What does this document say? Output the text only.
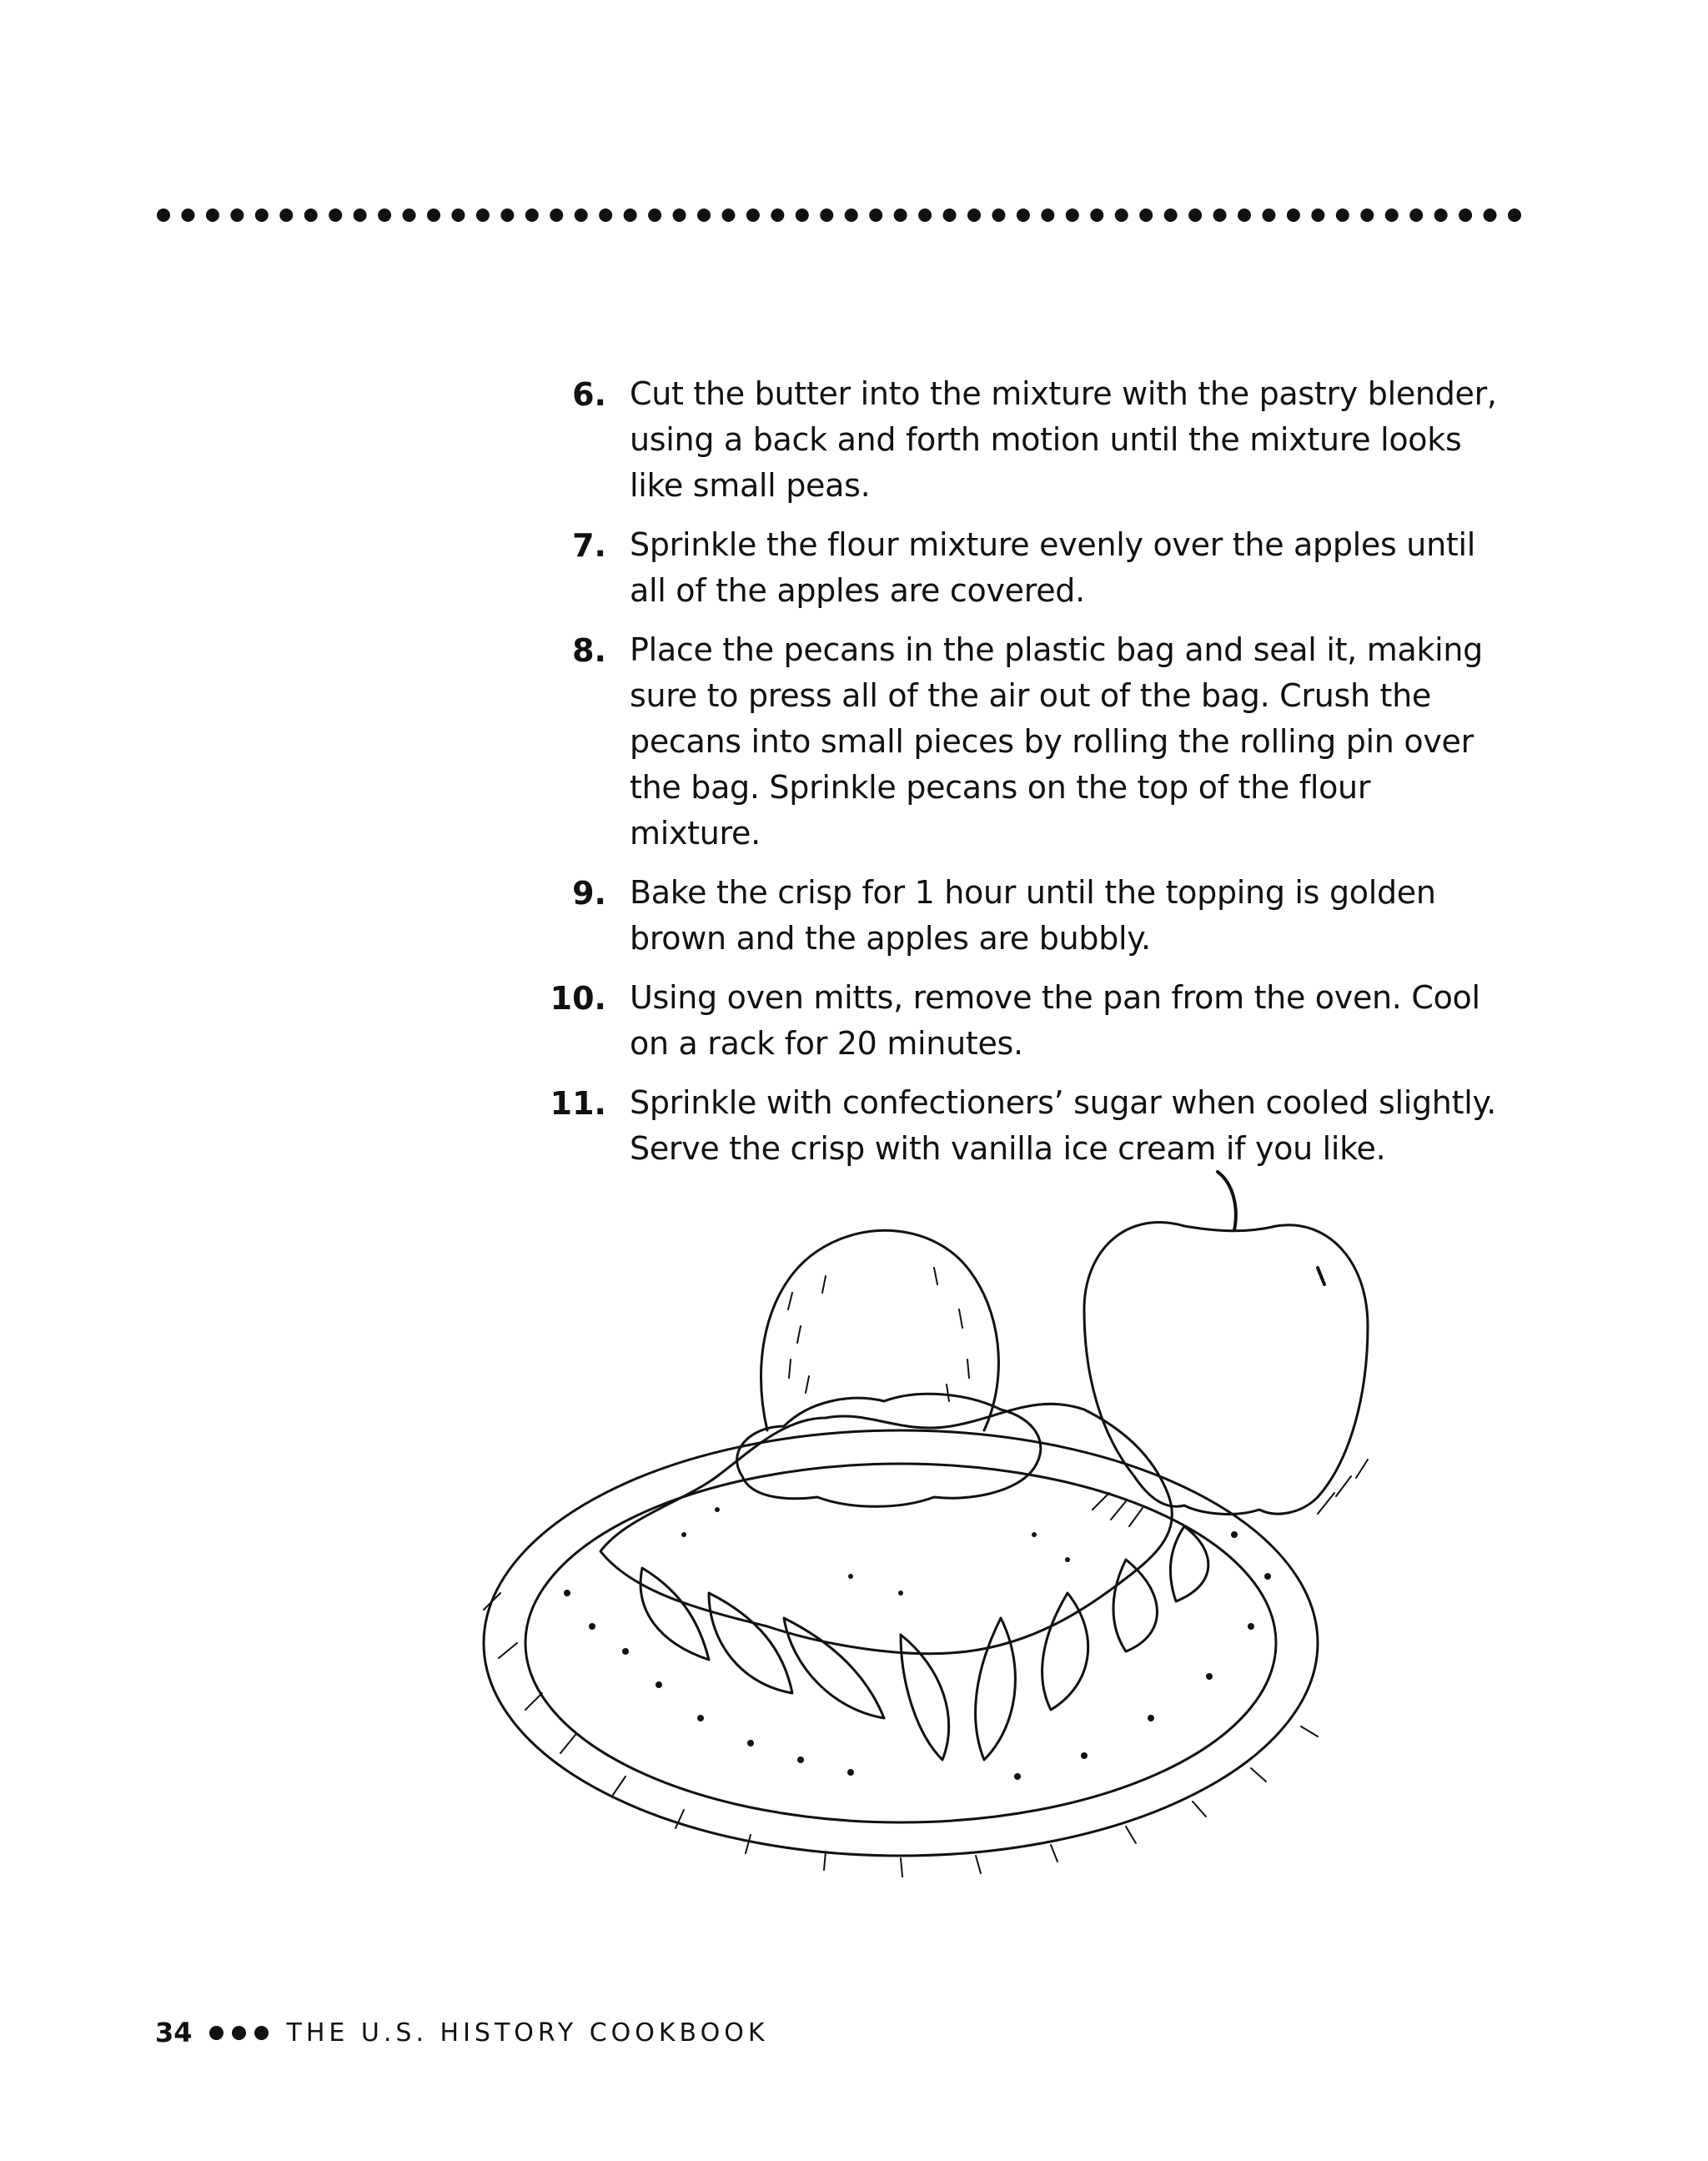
6. Cut the butter into the mixture with the pastry blender, using a back and forth motion until the mixture looks like small peas.
7. Sprinkle the flour mixture evenly over the apples until all of the apples are covered.
8. Place the pecans in the plastic bag and seal it, making sure to press all of the air out of the bag. Crush the pecans into small pieces by rolling the rolling pin over the bag. Sprinkle pecans on the top of the flour mixture.
9. Bake the crisp for 1 hour until the topping is golden brown and the apples are bubbly.
10. Using oven mitts, remove the pan from the oven. Cool on a rack for 20 minutes.
11. Sprinkle with confectioners’ sugar when cooled slightly. Serve the crisp with vanilla ice cream if you like.
34	THE U.S. HISTORY COOKBOOK
